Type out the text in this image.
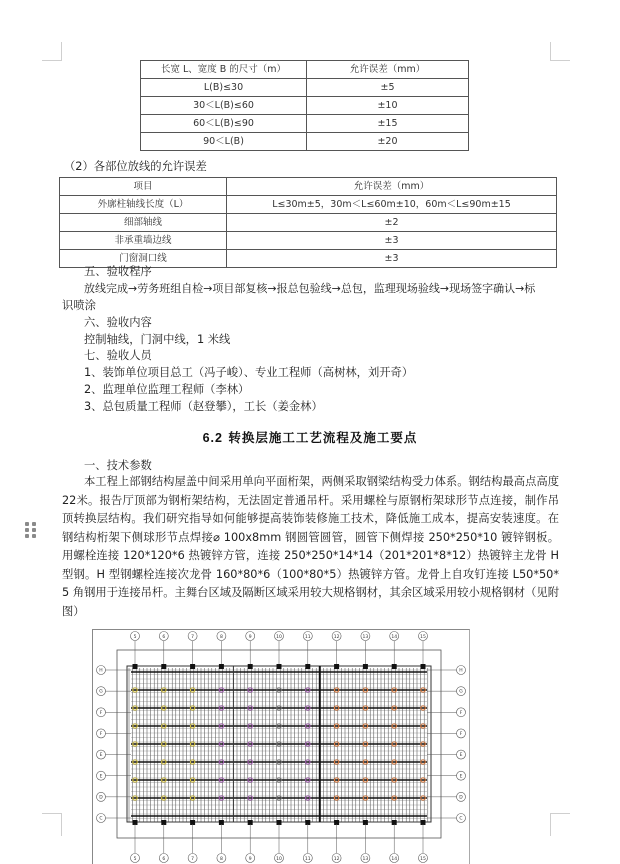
长宽 L、宽度 B 的尺寸（m）	允许误差（mm）
L(B)≤30	±5
30＜L(B)≤60	±10
60＜L(B)≤90	±15
90＜L(B)	±20
（2）各部位放线的允许误差
项目	允许误差（mm）
外廓柱轴线长度（L）	L≤30m±5，30m＜L≤60m±10，60m＜L≤90m±15
细部轴线	±2
非承重墙边线	±3
门窗洞口线	±3
五、验收程序
放线完成→劳务班组自检→项目部复核→报总包验线→总包，监理现场验线→现场签字确认→标
识喷涂
六、验收内容
控制轴线，门洞中线，1 米线
七、验收人员
1、装饰单位项目总工（冯子峻）、专业工程师（高树林，刘开奇）
2、监理单位监理工程师（李林）
3、总包质量工程师（赵登攀），工长（姜金林）
6.2 转换层施工工艺流程及施工要点
一、技术参数
本工程上部钢结构屋盖中间采用单向平面桁架，两侧采取钢梁结构受力体系。钢结构最高点高度22米。报告厅顶部为钢桁架结构，无法固定普通吊杆。采用螺栓与原钢桁架球形节点连接，制作吊顶转换层结构。我们研究指导如何能够提高装饰装修施工技术，降低施工成本，提高安装速度。在钢结构桁架下侧球形节点焊接⌀ 100x8mm 钢圆管圆管，圆管下侧焊接 250*250*10 镀锌钢板。用螺栓连接 120*120*6 热镀锌方管，连接 250*250*14*14（201*201*8*12）热镀锌主龙骨 H 型钢。H 型钢螺栓连接次龙骨 160*80*6（100*80*5）热镀锌方管。龙骨上自攻钉连接 L50*50*5 角钢用于连接吊杆。主舞台区域及隔断区域采用较大规格钢材，其余区域采用较小规格钢材（见附图）
5
5
6
6
7
7
8
8
9
9
10
10
11
11
12
12
13
13
14
14
15
15
H	H
G	G
F	F
F	F
E	E
E	E
D	D
C	C
